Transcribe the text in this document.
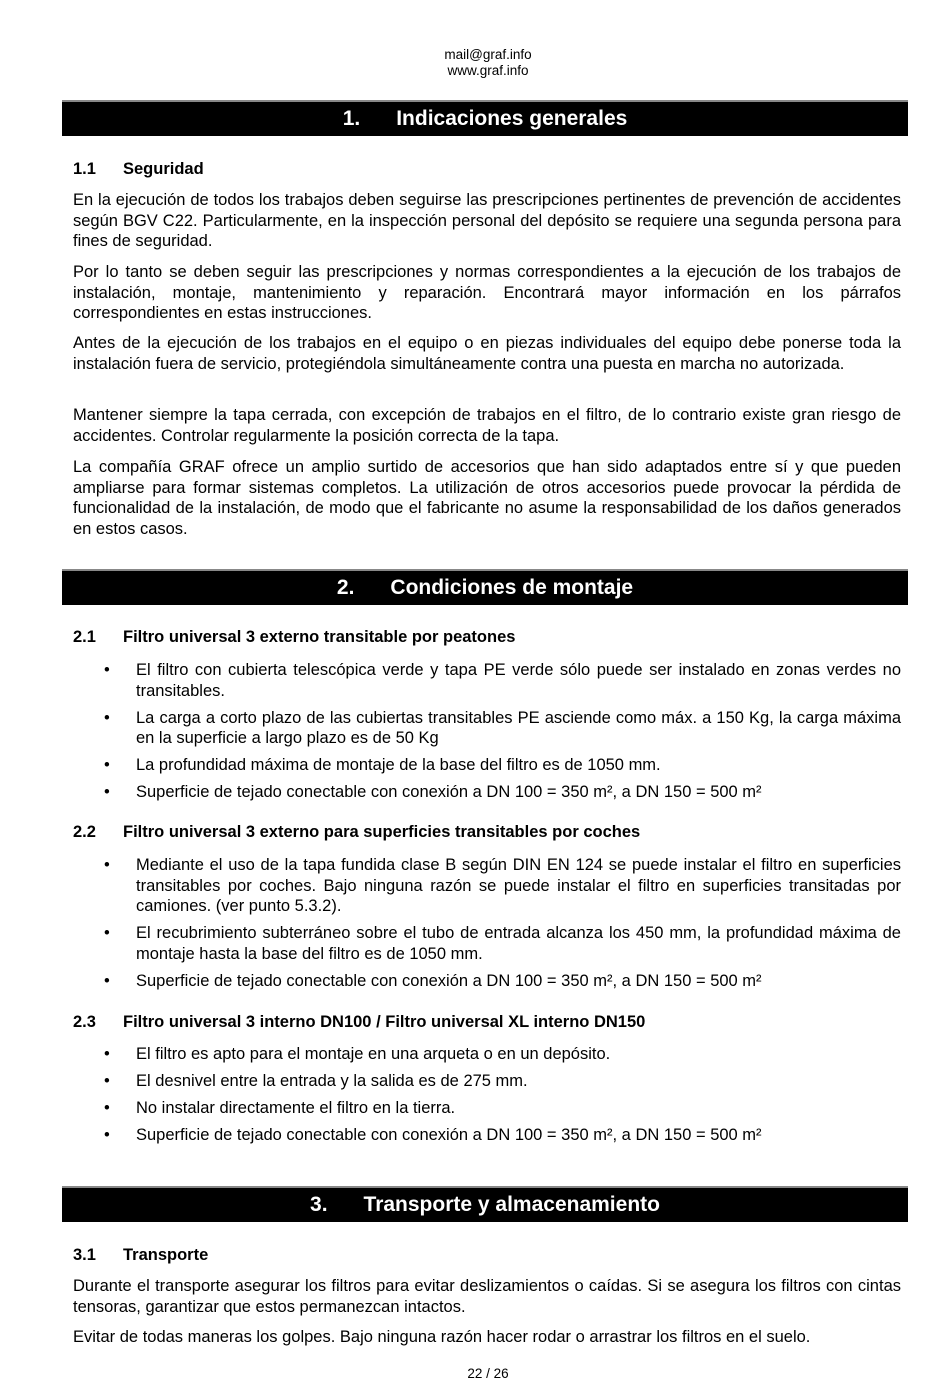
mail@graf.info
www.graf.info
1. Indicaciones generales
1.1 Seguridad
En la ejecución de todos los trabajos deben seguirse las prescripciones pertinentes de prevención de accidentes según BGV C22. Particularmente, en la inspección personal del depósito se requiere una segunda persona para fines de seguridad.
Por lo tanto se deben seguir las prescripciones y normas correspondientes a la ejecución de los trabajos de instalación, montaje, mantenimiento y reparación. Encontrará mayor información en los párrafos correspondientes en estas instrucciones.
Antes de la ejecución de los trabajos en el equipo o en piezas individuales del equipo debe ponerse toda la instalación fuera de servicio, protegiéndola simultáneamente contra una puesta en marcha no autorizada.
Mantener siempre la tapa cerrada, con excepción de trabajos en el filtro, de lo contrario existe gran riesgo de accidentes. Controlar regularmente la posición correcta de la tapa.
La compañía GRAF ofrece un amplio surtido de accesorios que han sido adaptados entre sí y que pueden ampliarse para formar sistemas completos. La utilización de otros accesorios puede provocar la pérdida de funcionalidad de la instalación, de modo que el fabricante no asume la responsabilidad de los daños generados en estos casos.
2. Condiciones de montaje
2.1 Filtro universal 3 externo transitable por peatones
• El filtro con cubierta telescópica verde y tapa PE verde sólo puede ser instalado en zonas verdes no transitables.
• La carga a corto plazo de las cubiertas transitables PE asciende como máx. a 150 Kg, la carga máxima en la superficie a largo plazo es de 50 Kg
• La profundidad máxima de montaje de la base del filtro es de 1050 mm.
• Superficie de tejado conectable con conexión a DN 100 = 350 m², a DN 150 = 500 m²
2.2 Filtro universal 3 externo para superficies transitables por coches
• Mediante el uso de la tapa fundida clase B según DIN EN 124 se puede instalar el filtro en superficies transitables por coches. Bajo ninguna razón se puede instalar el filtro en superficies transitadas por camiones. (ver punto 5.3.2).
• El recubrimiento subterráneo sobre el tubo de entrada alcanza los 450 mm, la profundidad máxima de montaje hasta la base del filtro es de 1050 mm.
• Superficie de tejado conectable con conexión a DN 100 = 350 m², a DN 150 = 500 m²
2.3 Filtro universal 3 interno DN100 / Filtro universal XL interno DN150
• El filtro es apto para el montaje en una arqueta o en un depósito.
• El desnivel entre la entrada y la salida es de 275 mm.
• No instalar directamente el filtro en la tierra.
• Superficie de tejado conectable con conexión a DN 100 = 350 m², a DN 150 = 500 m²
3. Transporte y almacenamiento
3.1 Transporte
Durante el transporte asegurar los filtros para evitar deslizamientos o caídas. Si se asegura los filtros con cintas tensoras, garantizar que estos permanezcan intactos.
Evitar de todas maneras los golpes. Bajo ninguna razón hacer rodar o arrastrar los filtros en el suelo.
22 / 26
